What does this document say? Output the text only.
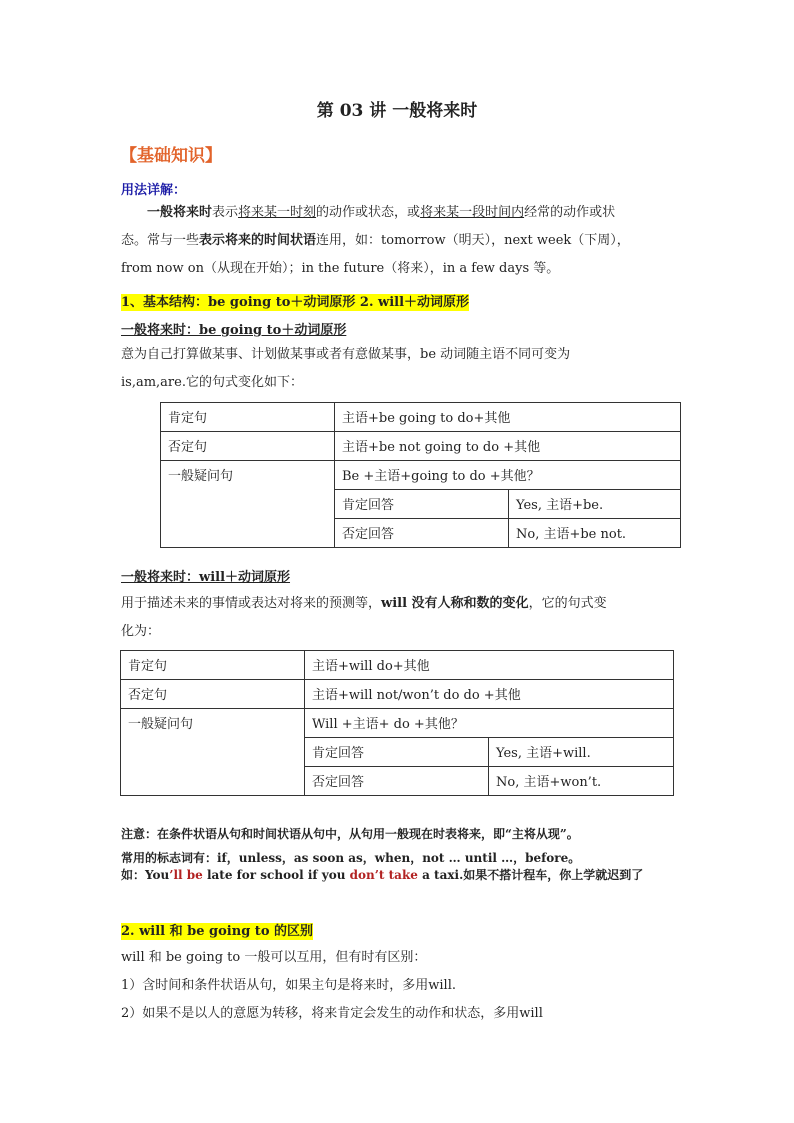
第 03 讲 一般将来时
【基础知识】
用法详解：
一般将来时表示将来某一时刻的动作或状态，或将来某一段时间内经常的动作或状
态。常与一些表示将来的时间状语连用，如：tomorrow（明天），next week（下周），
from now on（从现在开始）；in the future（将来），in a few days 等。
1、基本结构：be going to＋动词原形 2. will＋动词原形
一般将来时：be going to＋动词原形
意为自己打算做某事、计划做某事或者有意做某事，be 动词随主语不同可变为
is,am,are.它的句式变化如下：
肯定句	主语+be going to do+其他	
否定句	主语+be not going to do +其他	
一般疑问句	Be +主语+going to do +其他？	
	肯定回答	Yes, 主语+be.
	否定回答	No, 主语+be not.
一般将来时：will＋动词原形
用于描述未来的事情或表达对将来的预测等，will 没有人称和数的变化，它的句式变
化为：
肯定句	主语+will do+其他	
否定句	主语+will not/won’t do do +其他	
一般疑问句	Will +主语+ do +其他？	
	肯定回答	Yes, 主语+will.
	否定回答	No, 主语+won’t.
注意：在条件状语从句和时间状语从句中，从句用一般现在时表将来，即“主将从现”。
常用的标志词有：if，unless，as soon as，when，not … until …，before。
如：You’ll be late for school if you don’t take a taxi.如果不搭计程车，你上学就迟到了
2. will 和 be going to 的区别
will 和 be going to 一般可以互用，但有时有区别：
1）含时间和条件状语从句，如果主句是将来时，多用will.
2）如果不是以人的意愿为转移，将来肯定会发生的动作和状态，多用will
